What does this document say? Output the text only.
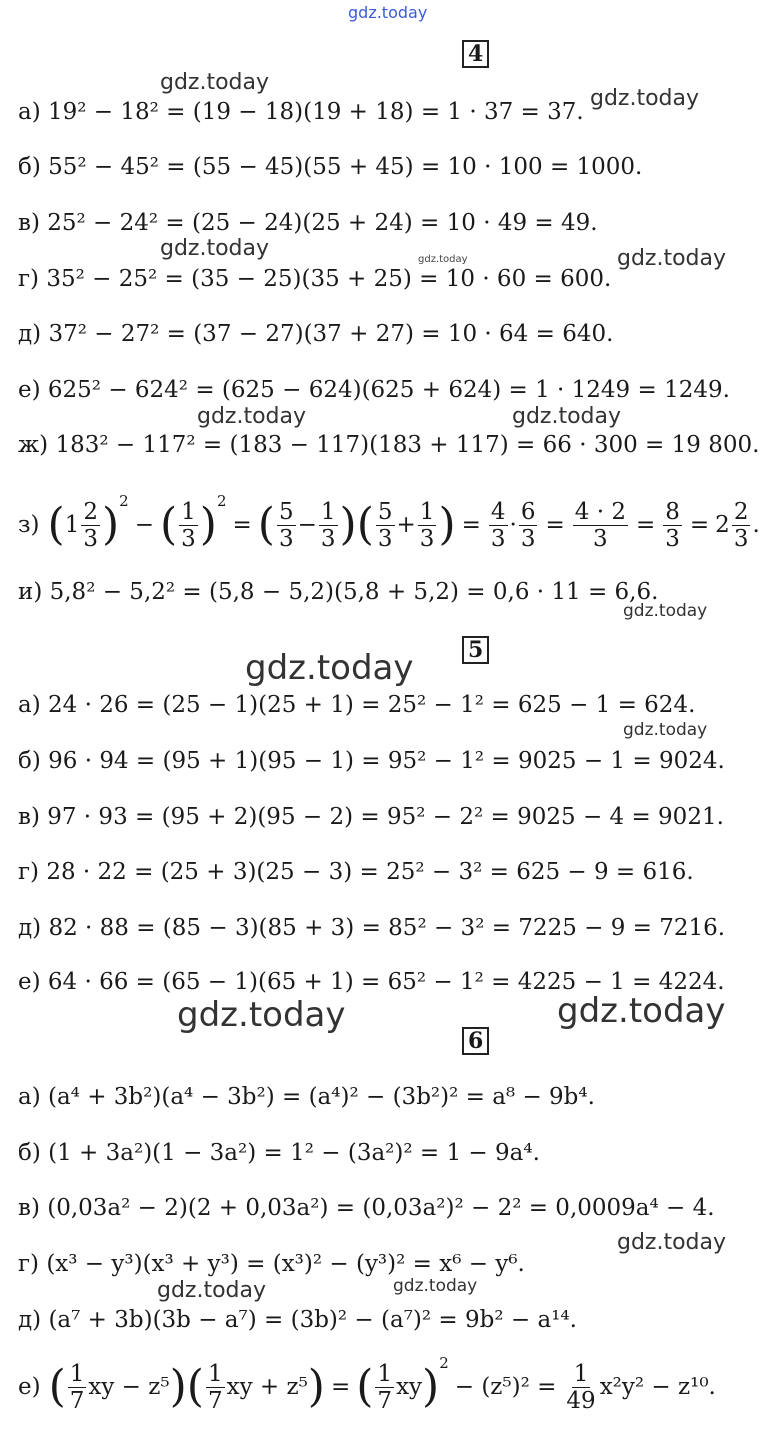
gdz.today
gdz.today
gdz.today
gdz.today	gdz.today	gdz.today
gdz.today	gdz.today
gdz.today
gdz.today
gdz.today
gdz.today	gdz.today
gdz.today
gdz.today	gdz.today
4
а) 19² − 18² = (19 − 18)(19 + 18) = 1 · 37 = 37.
б) 55² − 45² = (55 − 45)(55 + 45) = 10 · 100 = 1000.
в) 25² − 24² = (25 − 24)(25 + 24) = 10 · 49 = 49.
г) 35² − 25² = (35 − 25)(35 + 25) = 10 · 60 = 600.
д) 37² − 27² = (37 − 27)(37 + 27) = 10 · 64 = 640.
е) 625² − 624² = (625 − 624)(625 + 624) = 1 · 1249 = 1249.
ж) 183² − 117² = (183 − 117)(183 + 117) = 66 · 300 = 19 800.
з) ( $1 \frac{2}{3}$ ) 2
− ( $\frac{1}{3}$ ) 2
= ( $\frac{5}{3} - \frac{1}{3}$ ) ( $\frac{5}{3} + \frac{1}{3}$ ) = $\frac{4}{3} \cdot \frac{6}{3} = \frac{4 \cdot 2}{3} = \frac{8}{3} = 2 \frac{2}{3}$ .
и) 5,8² − 5,2² = (5,8 − 5,2)(5,8 + 5,2) = 0,6 · 11 = 6,6.
5
а) 24 · 26 = (25 − 1)(25 + 1) = 25² − 1² = 625 − 1 = 624.
б) 96 · 94 = (95 + 1)(95 − 1) = 95² − 1² = 9025 − 1 = 9024.
в) 97 · 93 = (95 + 2)(95 − 2) = 95² − 2² = 9025 − 4 = 9021.
г) 28 · 22 = (25 + 3)(25 − 3) = 25² − 3² = 625 − 9 = 616.
д) 82 · 88 = (85 − 3)(85 + 3) = 85² − 3² = 7225 − 9 = 7216.
е) 64 · 66 = (65 − 1)(65 + 1) = 65² − 1² = 4225 − 1 = 4224.
6
а) (a⁴ + 3b²)(a⁴ − 3b²) = (a⁴)² − (3b²)² = a⁸ − 9b⁴.
б) (1 + 3a²)(1 − 3a²) = 1² − (3a²)² = 1 − 9a⁴.
в) (0,03a² − 2)(2 + 0,03a²) = (0,03a²)² − 2² = 0,0009a⁴ − 4.
г) (x³ − y³)(x³ + y³) = (x³)² − (y³)² = x⁶ − y⁶.
д) (a⁷ + 3b)(3b − a⁷) = (3b)² − (a⁷)² = 9b² − a¹⁴.
е) ( $\frac{1}{7}$ xy − z⁵ ) ( $\frac{1}{7}$ xy + z⁵ ) = ( $\frac{1}{7}$ xy ) 2
− $(z^5)^2 = \frac{1}{49} x^2y^2 - z^{10}$.
